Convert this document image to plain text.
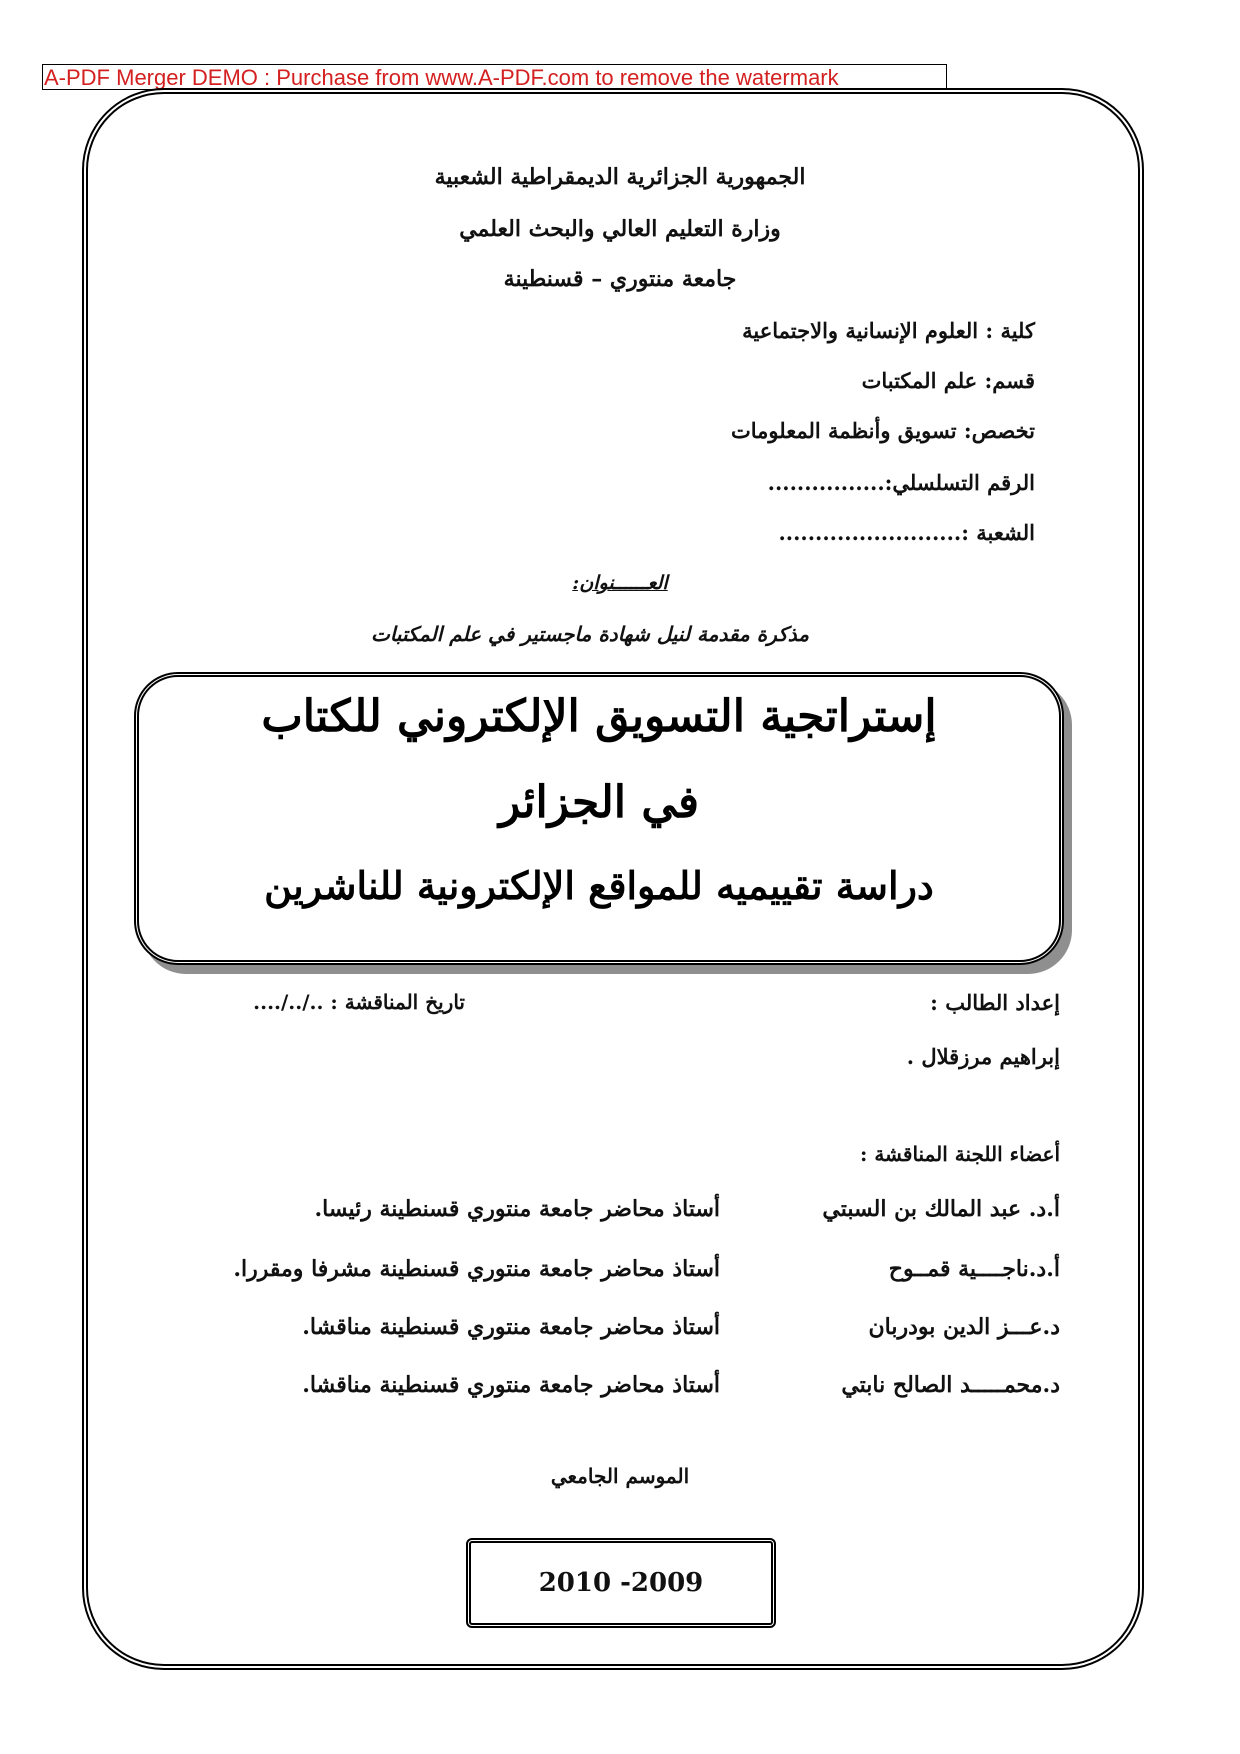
A-PDF Merger DEMO : Purchase from www.A-PDF.com to remove the watermark
الجمهورية الجزائرية الديمقراطية الشعبية
وزارة التعليم العالي والبحث العلمي
جامعة منتوري – قسنطينة
كلية : العلوم الإنسانية والاجتماعية
قسم: علم المكتبات
تخصص: تسويق وأنظمة المعلومات
الرقم التسلسلي:................
الشعبة :.........................
العــــــنوان:
مذكرة مقدمة لنيل شهادة ماجستير في علم المكتبات
إستراتجية التسويق الإلكتروني للكتاب
في الجزائر
دراسة تقييميه للمواقع الإلكترونية للناشرين
إعداد الطالب :
تاريخ المناقشة : ../../....
إبراهيم مرزقلال .
أعضاء اللجنة المناقشة :
أ.د. عبد المالك بن السبتي
أستاذ محاضر جامعة منتوري قسنطينة رئيسا.
أ.د.ناجــــية قمــوح
أستاذ محاضر جامعة منتوري قسنطينة مشرفا ومقررا.
د.عـــز الدين بودربان
أستاذ محاضر جامعة منتوري قسنطينة مناقشا.
د.محمـــــد الصالح نابتي
أستاذ محاضر جامعة منتوري قسنطينة مناقشا.
الموسم الجامعي
2010 -2009
